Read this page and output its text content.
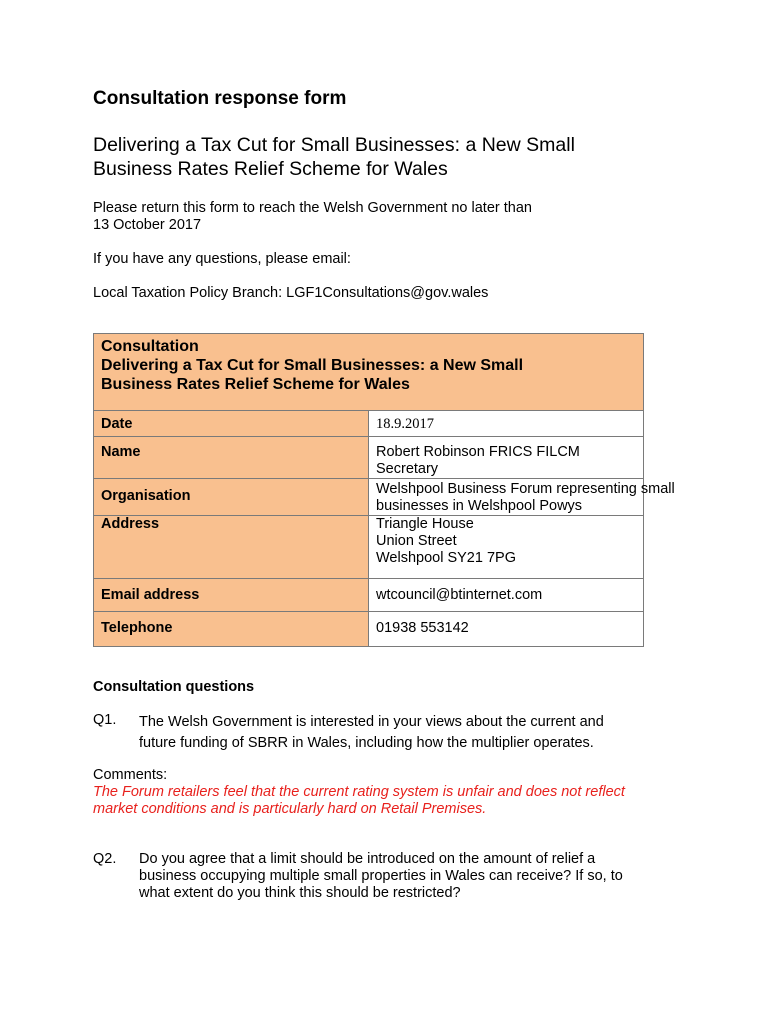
Consultation response form
Delivering a Tax Cut for Small Businesses: a New Small
Business Rates Relief Scheme for Wales
Please return this form to reach the Welsh Government no later than
13 October 2017
If you have any questions, please email:
Local Taxation Policy Branch: LGF1Consultations@gov.wales
Consultation
Delivering a Tax Cut for Small Businesses: a New Small
Business Rates Relief Scheme for Wales	

Date	18.9.2017
Name	Robert Robinson FRICS FILCM Secretary
Organisation	Welshpool Business Forum representing small
businesses in Welshpool Powys

Address	Triangle House
Union Street
Welshpool SY21 7PG

Email address	wtcouncil@btinternet.com
Telephone	01938 553142
Consultation questions
Q1. The Welsh Government is interested in your views about the current and
future funding of SBRR in Wales, including how the multiplier operates.
Comments:
The Forum retailers feel that the current rating system is unfair and does not reflect
market conditions and is particularly hard on Retail Premises.
Q2. Do you agree that a limit should be introduced on the amount of relief a
business occupying multiple small properties in Wales can receive? If so, to
what extent do you think this should be restricted?
